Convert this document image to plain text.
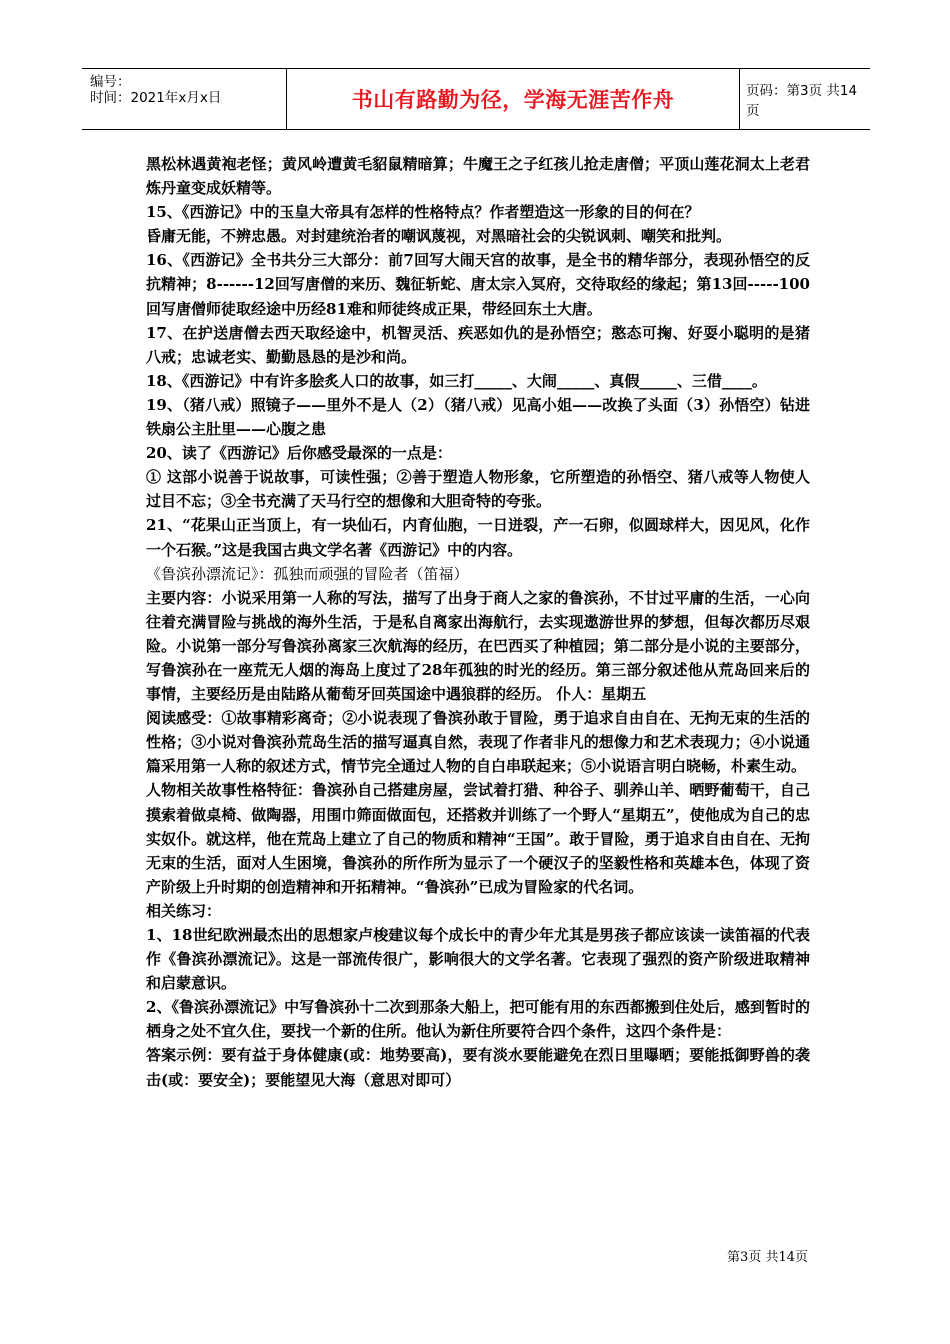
编号：
时间：2021年x月x日	书山有路勤为径，学海无涯苦作舟	页码：第3页 共14页

黑松林遇黄袍老怪；黄风岭遭黄毛貂鼠精暗算；牛魔王之子红孩儿抢走唐僧；平顶山莲花洞太上老君炼丹童变成妖精等。

15、《西游记》中的玉皇大帝具有怎样的性格特点？作者塑造这一形象的目的何在？

昏庸无能，不辨忠愚。对封建统治者的嘲讽蔑视，对黑暗社会的尖锐讽刺、嘲笑和批判。

16、《西游记》全书共分三大部分：前7回写大闹天宫的故事，是全书的精华部分，表现孙悟空的反抗精神；8------12回写唐僧的来历、魏征斩蛇、唐太宗入冥府，交待取经的缘起；第13回-----100回写唐僧师徒取经途中历经81难和师徒终成正果，带经回东土大唐。

17、在护送唐僧去西天取经途中，机智灵活、疾恶如仇的是孙悟空；憨态可掬、好耍小聪明的是猪八戒；忠诚老实、勤勤恳恳的是沙和尚。

18、《西游记》中有许多脍炙人口的故事，如三打_____、大闹_____、真假_____、三借____。

19、（猪八戒）照镜子——里外不是人（2）（猪八戒）见高小姐——改换了头面（3）孙悟空）钻进铁扇公主肚里——心腹之患

20、读了《西游记》后你感受最深的一点是：

① 这部小说善于说故事，可读性强；②善于塑造人物形象，它所塑造的孙悟空、猪八戒等人物使人过目不忘；③全书充满了天马行空的想像和大胆奇特的夸张。

21、“花果山正当顶上，有一块仙石，内育仙胞，一日迸裂，产一石卵，似圆球样大，因见风，化作一个石猴。”这是我国古典文学名著《西游记》中的内容。

《鲁滨孙漂流记》：孤独而顽强的冒险者（笛福）

主要内容：小说采用第一人称的写法，描写了出身于商人之家的鲁滨孙，不甘过平庸的生活，一心向往着充满冒险与挑战的海外生活，于是私自离家出海航行，去实现遨游世界的梦想，但每次都历尽艰险。小说第一部分写鲁滨孙离家三次航海的经历，在巴西买了种植园；第二部分是小说的主要部分，写鲁滨孙在一座荒无人烟的海岛上度过了28年孤独的时光的经历。第三部分叙述他从荒岛回来后的事情，主要经历是由陆路从葡萄牙回英国途中遇狼群的经历。 仆人：星期五

阅读感受：①故事精彩离奇；②小说表现了鲁滨孙敢于冒险，勇于追求自由自在、无拘无束的生活的性格；③小说对鲁滨孙荒岛生活的描写逼真自然，表现了作者非凡的想像力和艺术表现力；④小说通篇采用第一人称的叙述方式，情节完全通过人物的自白串联起来；⑤小说语言明白晓畅，朴素生动。

人物相关故事性格特征：鲁滨孙自己搭建房屋，尝试着打猎、种谷子、驯养山羊、晒野葡萄干，自己摸索着做桌椅、做陶器，用围巾筛面做面包，还搭救并训练了一个野人“星期五”，使他成为自己的忠实奴仆。就这样，他在荒岛上建立了自己的物质和精神“王国”。敢于冒险，勇于追求自由自在、无拘无束的生活，面对人生困境，鲁滨孙的所作所为显示了一个硬汉子的坚毅性格和英雄本色，体现了资产阶级上升时期的创造精神和开拓精神。“鲁滨孙”已成为冒险家的代名词。

相关练习：

1、18世纪欧洲最杰出的思想家卢梭建议每个成长中的青少年尤其是男孩子都应该读一读笛福的代表作《鲁滨孙漂流记》。这是一部流传很广，影响很大的文学名著。它表现了强烈的资产阶级进取精神和启蒙意识。

2、《鲁滨孙漂流记》中写鲁滨孙十二次到那条大船上，把可能有用的东西都搬到住处后，感到暂时的栖身之处不宜久住，要找一个新的住所。他认为新住所要符合四个条件，这四个条件是：

答案示例：要有益于身体健康(或：地势要高)，要有淡水要能避免在烈日里曝晒；要能抵御野兽的袭击(或：要安全)；要能望见大海（意思对即可）

第3页 共14页
